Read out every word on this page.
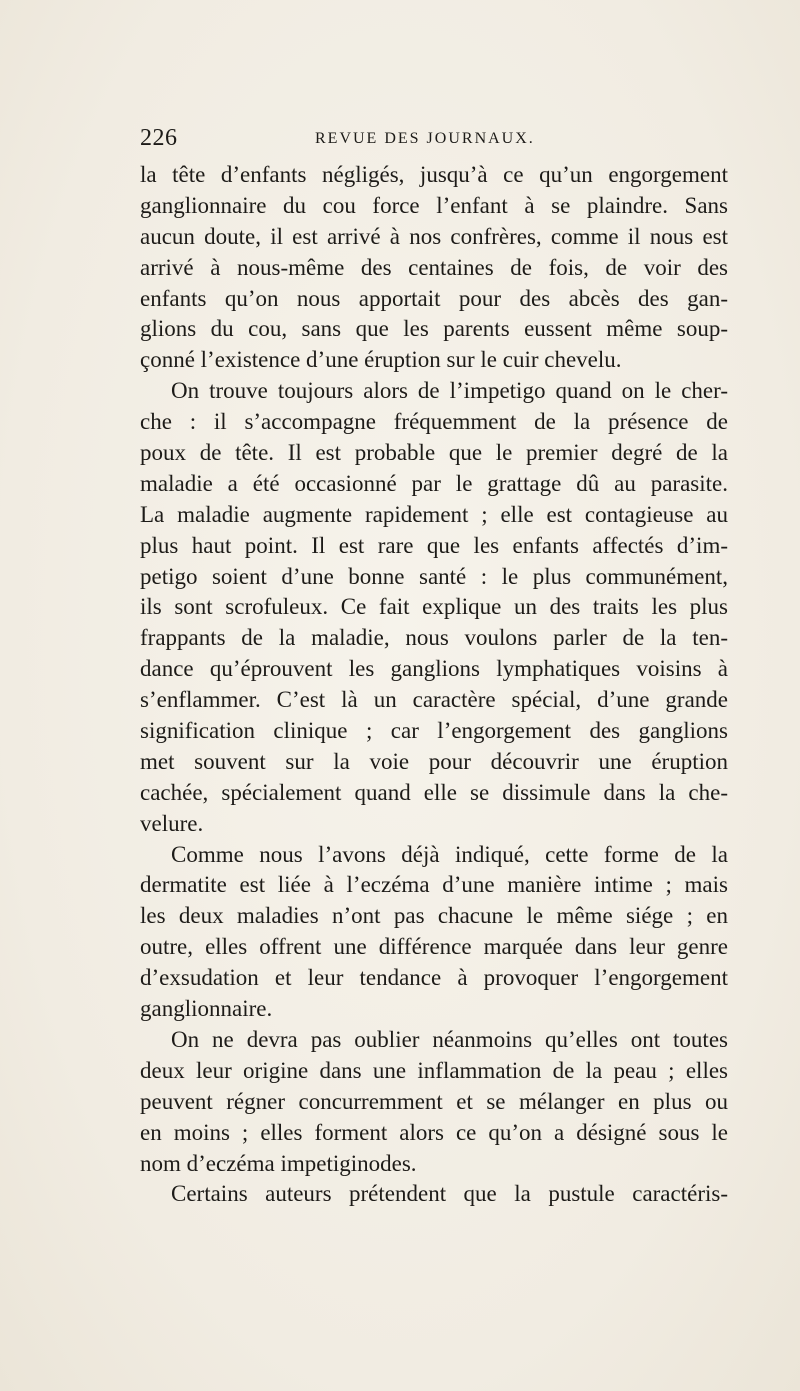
226	REVUE DES JOURNAUX.
la tête d’enfants négligés, jusqu’à ce qu’un engorgement
ganglionnaire du cou force l’enfant à se plaindre. Sans
aucun doute, il est arrivé à nos confrères, comme il nous est
arrivé à nous-même des centaines de fois, de voir des
enfants qu’on nous apportait pour des abcès des gan-
glions du cou, sans que les parents eussent même soup-
çonné l’existence d’une éruption sur le cuir chevelu.
On trouve toujours alors de l’impetigo quand on le cher-
che : il s’accompagne fréquemment de la présence de
poux de tête. Il est probable que le premier degré de la
maladie a été occasionné par le grattage dû au parasite.
La maladie augmente rapidement ; elle est contagieuse au
plus haut point. Il est rare que les enfants affectés d’im-
petigo soient d’une bonne santé : le plus communément,
ils sont scrofuleux. Ce fait explique un des traits les plus
frappants de la maladie, nous voulons parler de la ten-
dance qu’éprouvent les ganglions lymphatiques voisins à
s’enflammer. C’est là un caractère spécial, d’une grande
signification clinique ; car l’engorgement des ganglions
met souvent sur la voie pour découvrir une éruption
cachée, spécialement quand elle se dissimule dans la che-
velure.
Comme nous l’avons déjà indiqué, cette forme de la
dermatite est liée à l’eczéma d’une manière intime ; mais
les deux maladies n’ont pas chacune le même siége ; en
outre, elles offrent une différence marquée dans leur genre
d’exsudation et leur tendance à provoquer l’engorgement
ganglionnaire.
On ne devra pas oublier néanmoins qu’elles ont toutes
deux leur origine dans une inflammation de la peau ; elles
peuvent régner concurremment et se mélanger en plus ou
en moins ; elles forment alors ce qu’on a désigné sous le
nom d’eczéma impetiginodes.
Certains auteurs prétendent que la pustule caractéris-
